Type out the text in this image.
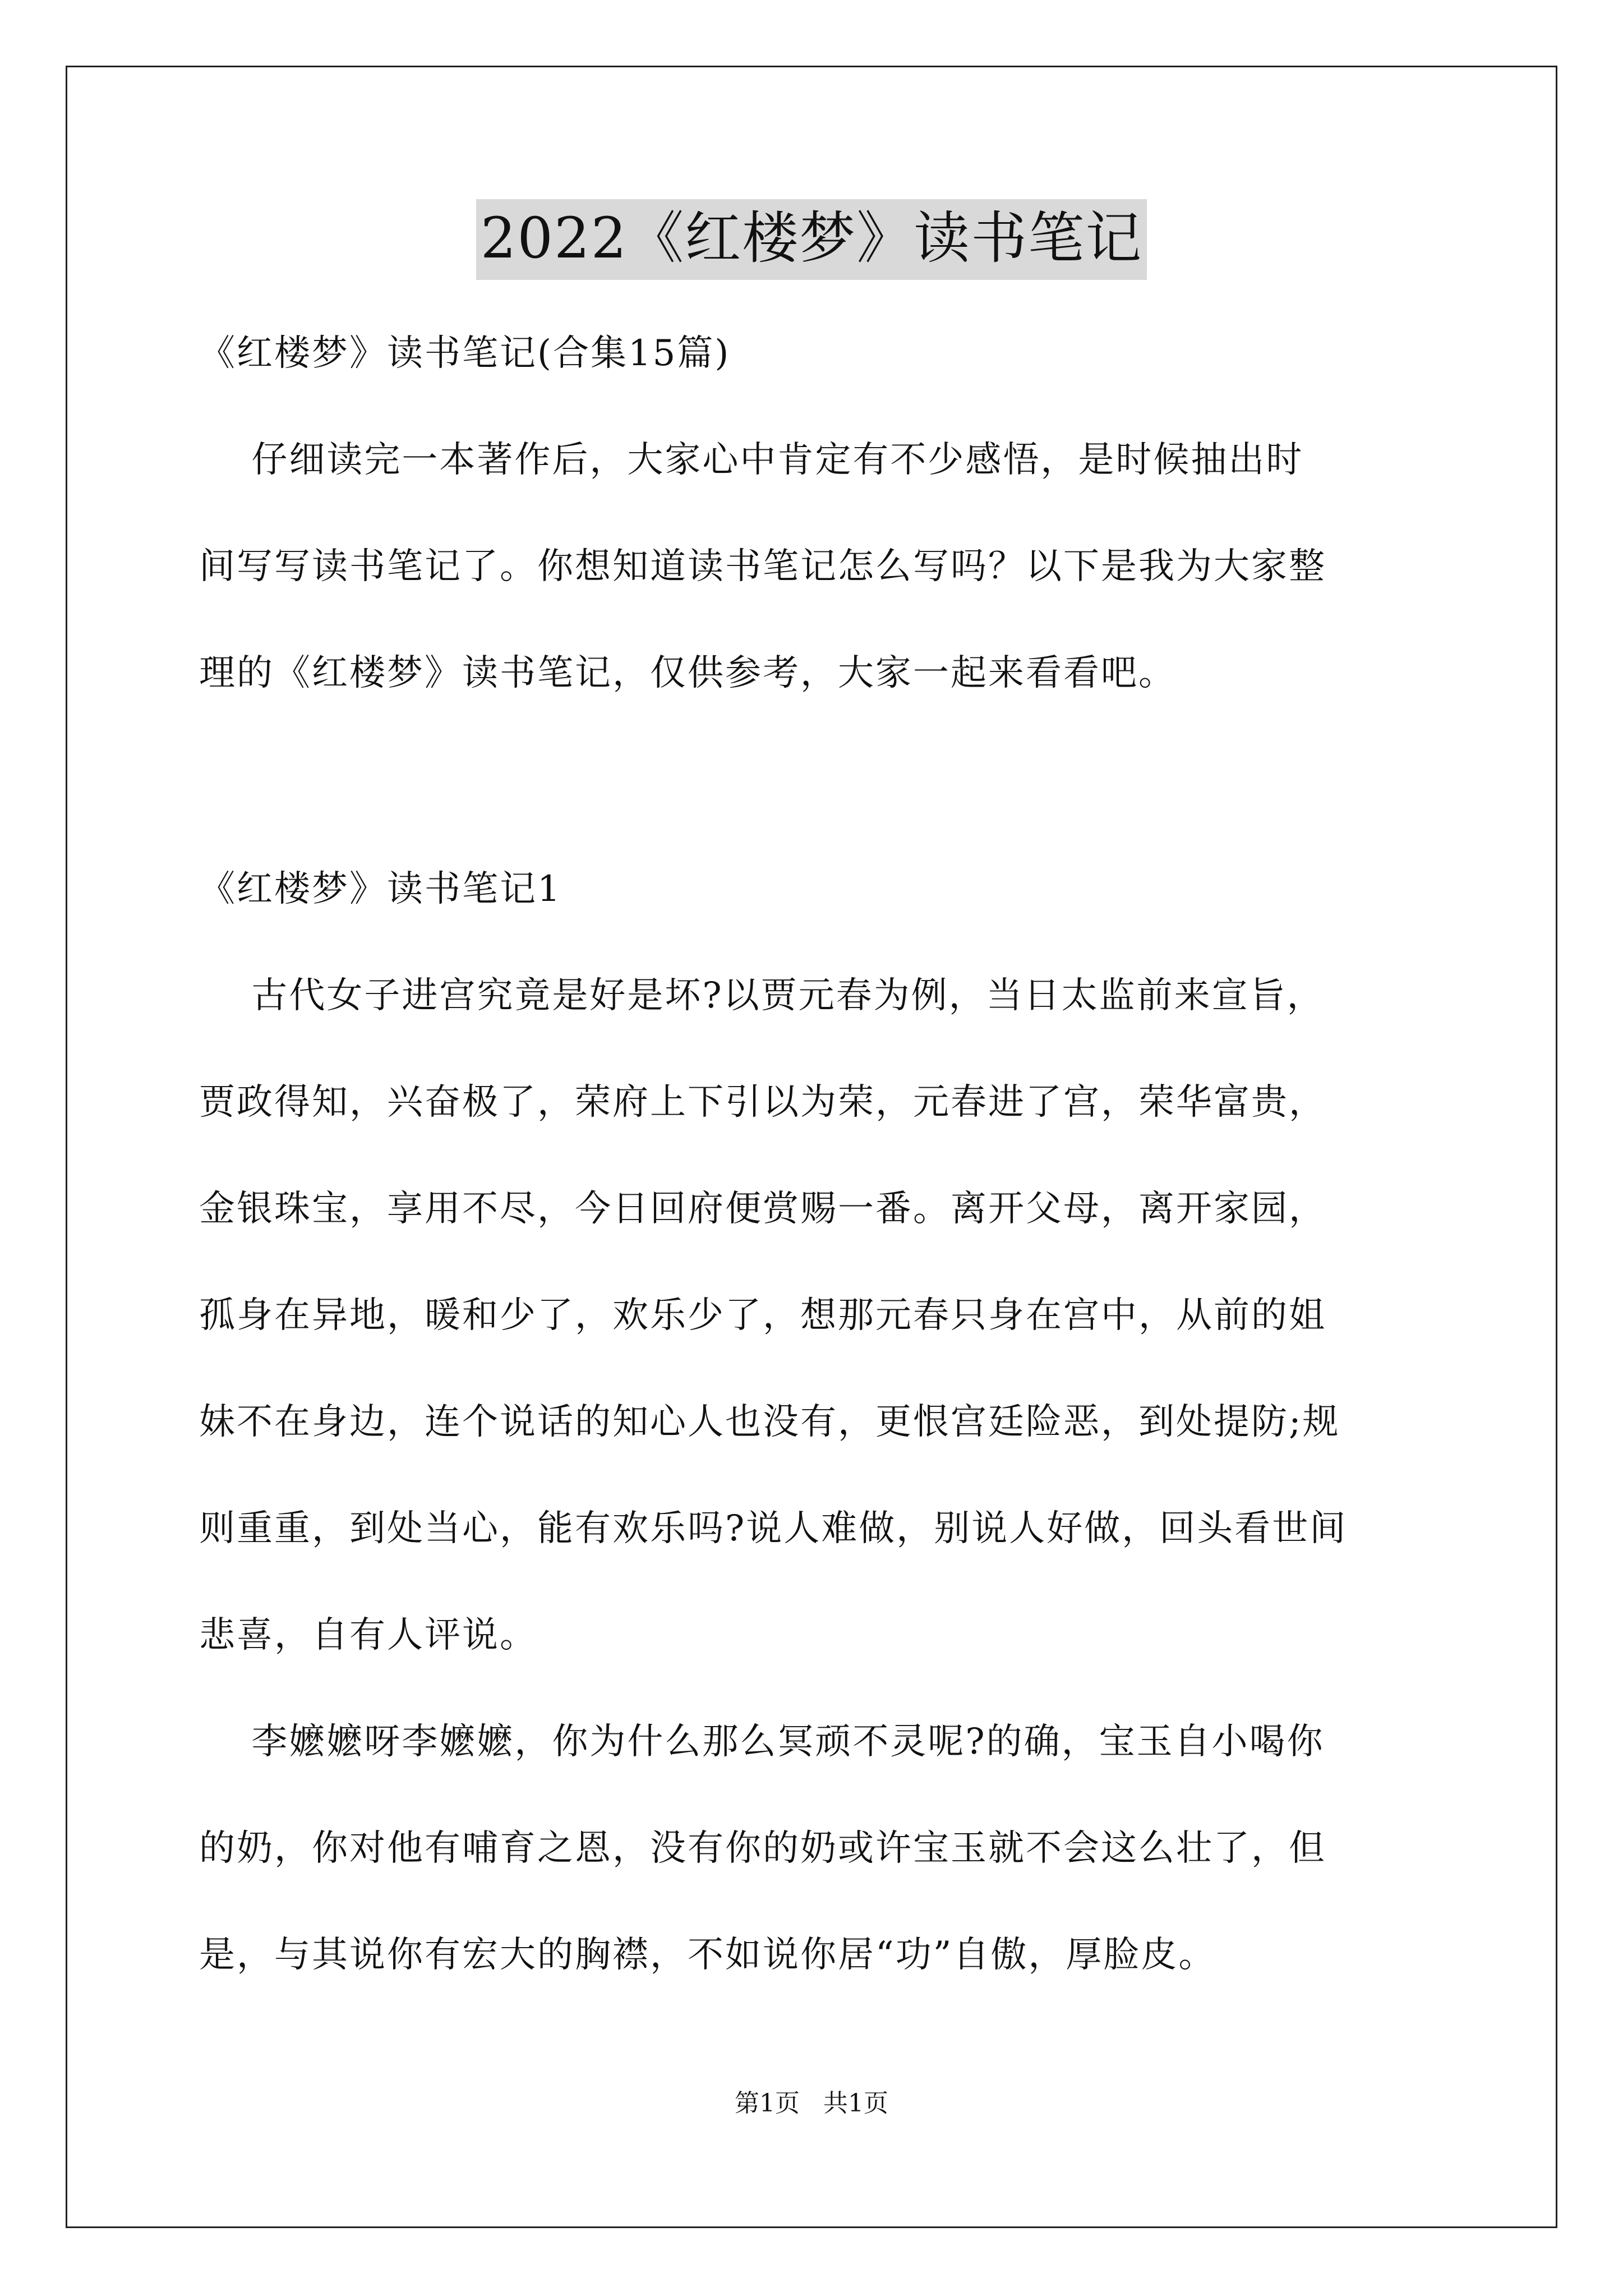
2022《红楼梦》读书笔记
《红楼梦》读书笔记(合集15篇)
仔细读完一本著作后，大家心中肯定有不少感悟，是时候抽出时
间写写读书笔记了。你想知道读书笔记怎么写吗？以下是我为大家整
理的《红楼梦》读书笔记，仅供参考，大家一起来看看吧。
《红楼梦》读书笔记1
古代女子进宫究竟是好是坏?以贾元春为例，当日太监前来宣旨，
贾政得知，兴奋极了，荣府上下引以为荣，元春进了宫，荣华富贵，
金银珠宝，享用不尽，今日回府便赏赐一番。离开父母，离开家园，
孤身在异地，暖和少了，欢乐少了，想那元春只身在宫中，从前的姐
妹不在身边，连个说话的知心人也没有，更恨宫廷险恶，到处提防;规
则重重，到处当心，能有欢乐吗?说人难做，别说人好做，回头看世间
悲喜，自有人评说。
李嬷嬷呀李嬷嬷，你为什么那么冥顽不灵呢?的确，宝玉自小喝你
的奶，你对他有哺育之恩，没有你的奶或许宝玉就不会这么壮了，但
是，与其说你有宏大的胸襟，不如说你居“功”自傲，厚脸皮。
第1页 共1页
